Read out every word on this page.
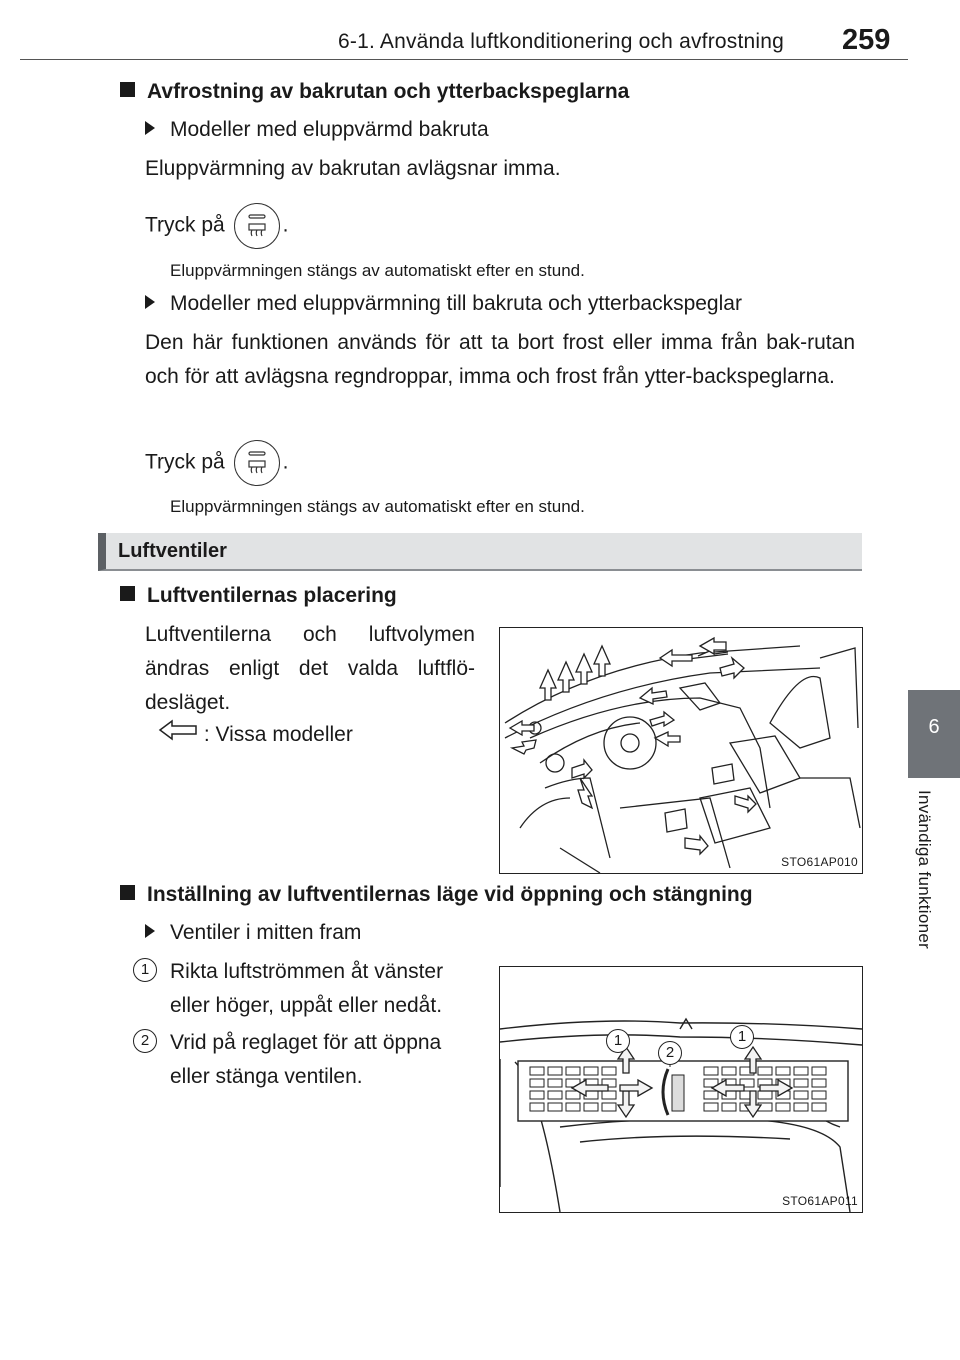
6-1. Använda luftkonditionering och avfrostning 259
6
Invändiga funktioner
Avfrostning av bakrutan och ytterbackspeglarna
Modeller med eluppvärmd bakruta
Eluppvärmning av bakrutan avlägsnar imma.
Tryck på	.
Eluppvärmningen stängs av automatiskt efter en stund.
Modeller med eluppvärmning till bakruta och ytterbackspeglar
Den här funktionen används för att ta bort frost eller imma från bak-rutan och för att avlägsna regndroppar, imma och frost från ytter-backspeglarna.
Tryck på	.
Eluppvärmningen stängs av automatiskt efter en stund.
Luftventiler
Luftventilernas placering
Luftventilerna och luftvolymen ändras enligt det valda luftflö-desläget.
: Vissa modeller
STO61AP010
Inställning av luftventilernas läge vid öppning och stängning
Ventiler i mitten fram
1 Rikta luftströmmen åt vänster eller höger, uppåt eller nedåt.
2 Vrid på reglaget för att öppna eller stänga ventilen.
1
2
1
STO61AP011
